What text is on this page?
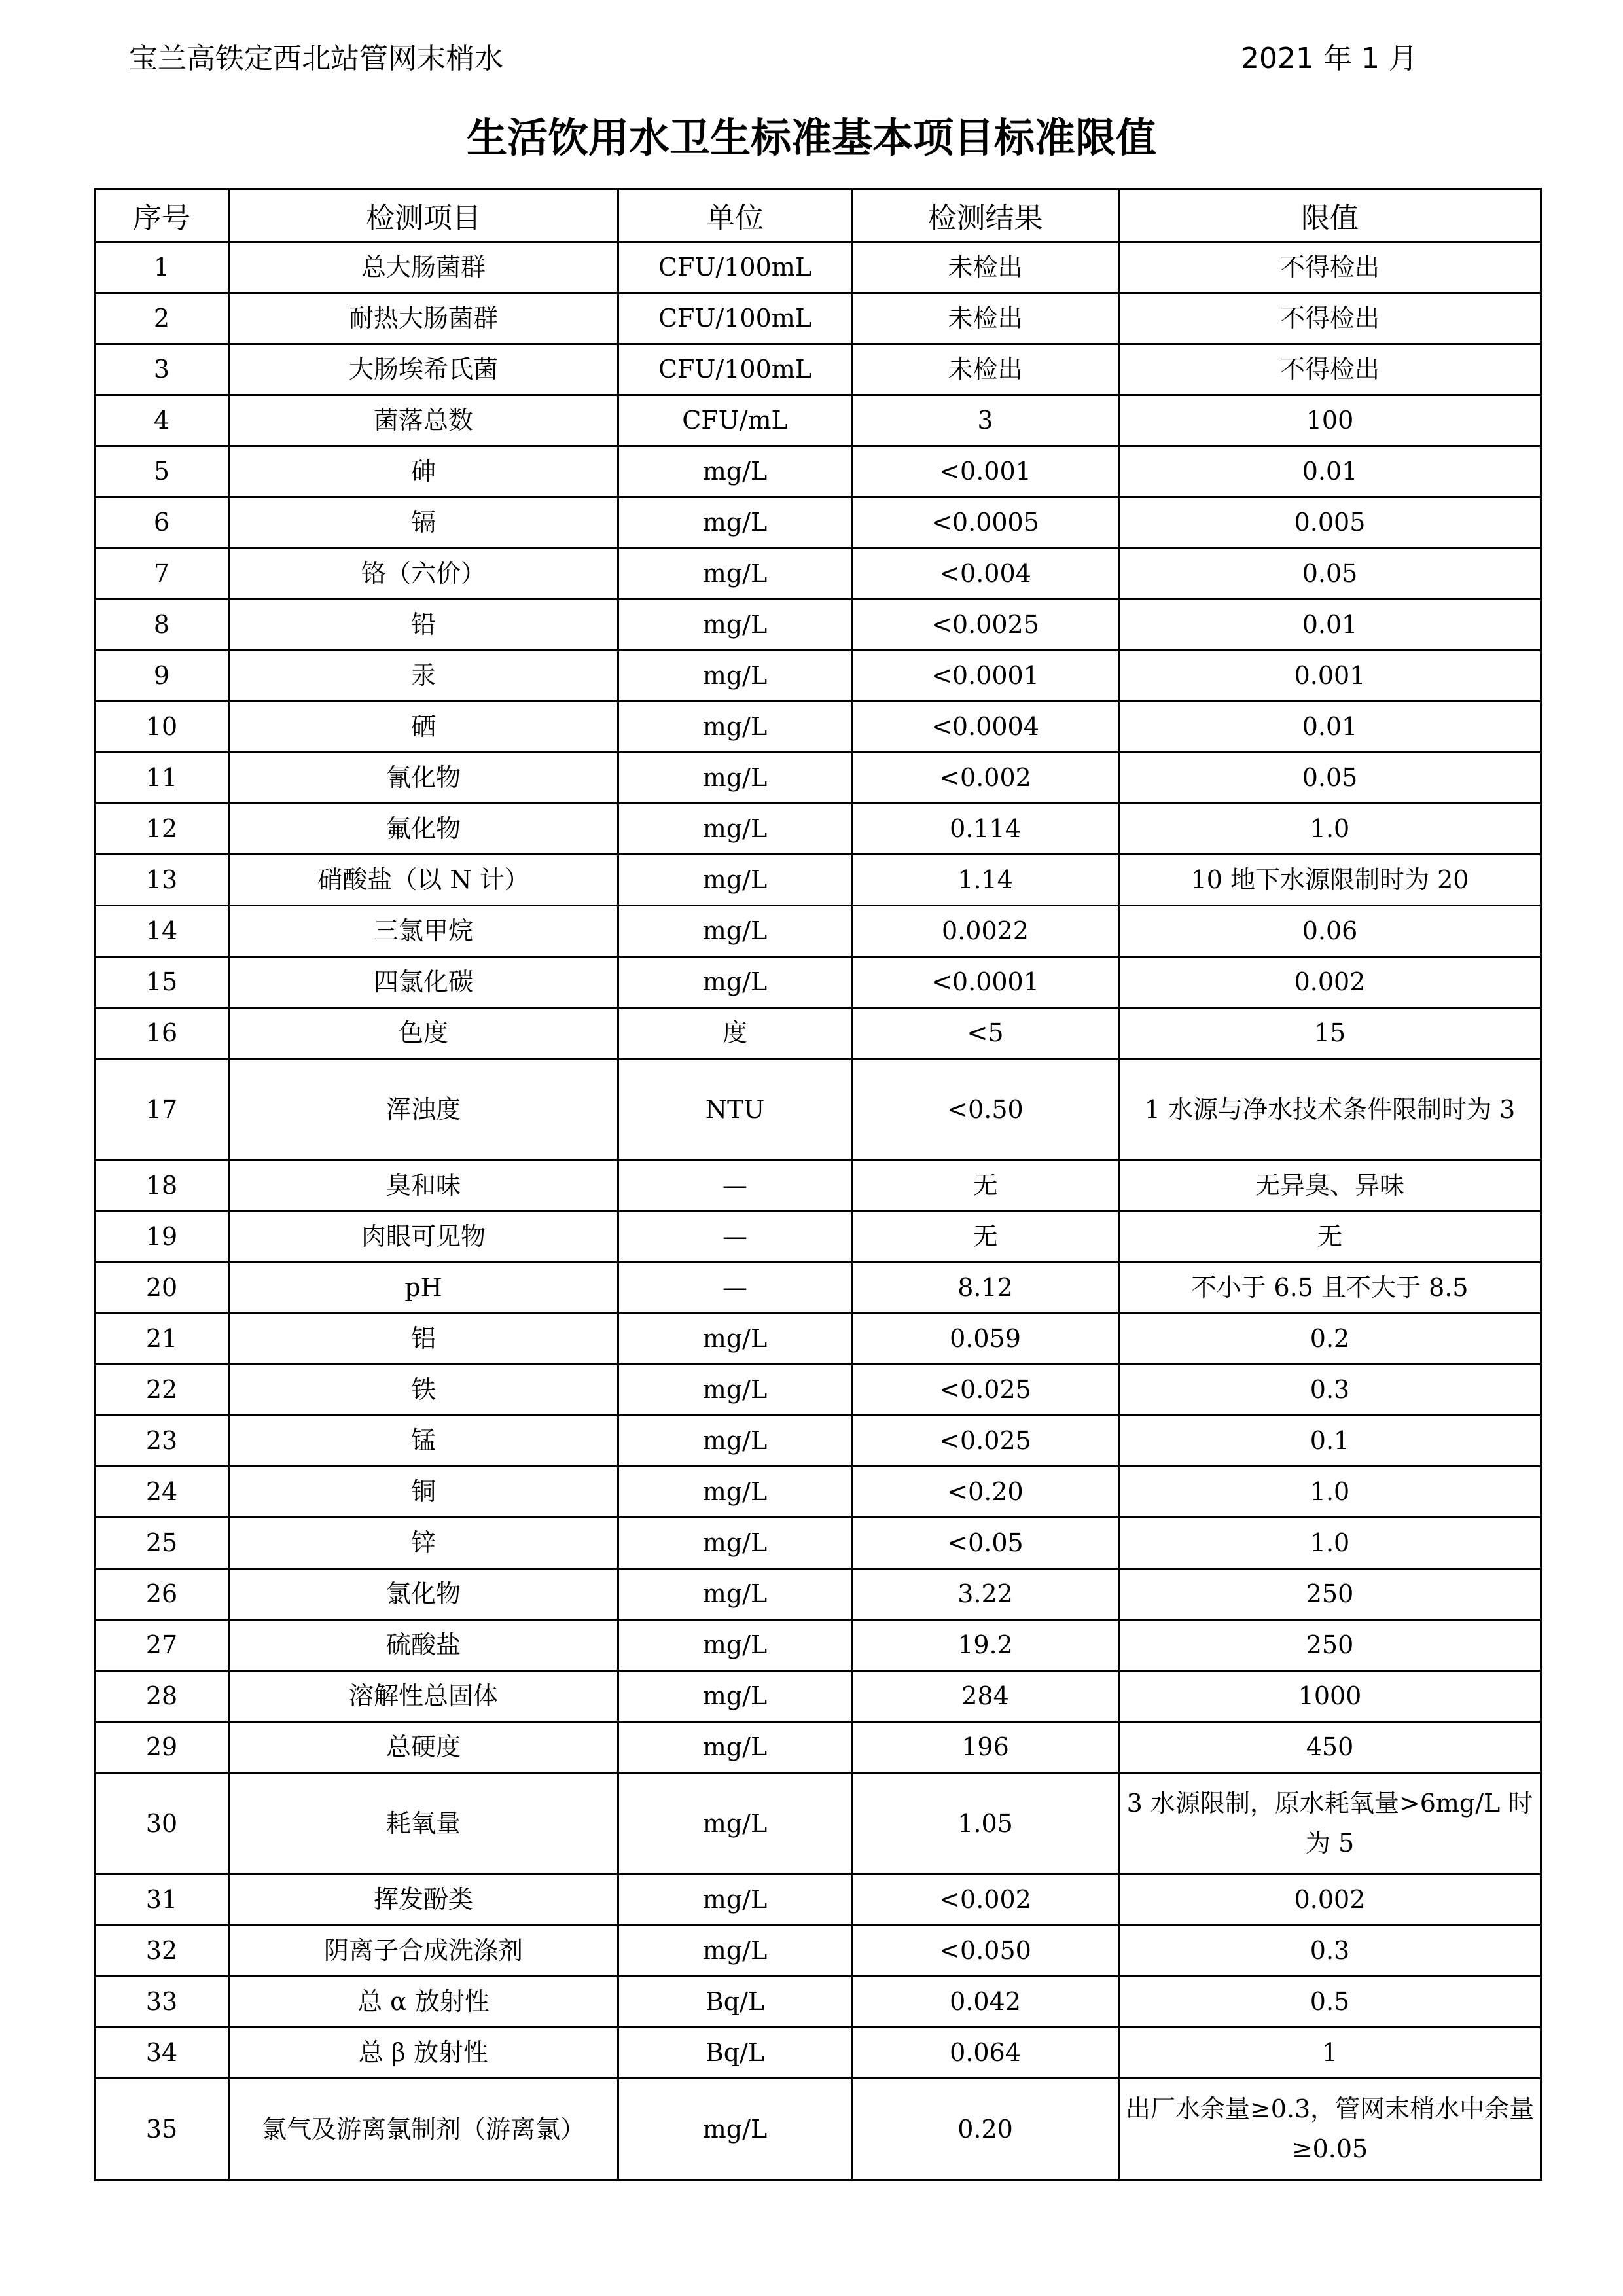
宝兰高铁定西北站管网末梢水	2021 年 1 月
生活饮用水卫生标准基本项目标准限值
序号	检测项目	单位	检测结果	限值
1	总大肠菌群	CFU/100mL	未检出	不得检出
2	耐热大肠菌群	CFU/100mL	未检出	不得检出
3	大肠埃希氏菌	CFU/100mL	未检出	不得检出
4	菌落总数	CFU/mL	3	100
5	砷	mg/L	<0.001	0.01
6	镉	mg/L	<0.0005	0.005
7	铬（六价）	mg/L	<0.004	0.05
8	铅	mg/L	<0.0025	0.01
9	汞	mg/L	<0.0001	0.001
10	硒	mg/L	<0.0004	0.01
11	氰化物	mg/L	<0.002	0.05
12	氟化物	mg/L	0.114	1.0
13	硝酸盐（以 N 计）	mg/L	1.14	10 地下水源限制时为 20
14	三氯甲烷	mg/L	0.0022	0.06
15	四氯化碳	mg/L	<0.0001	0.002
16	色度	度	<5	15
17	浑浊度	NTU	<0.50	1 水源与净水技术条件限制时为 3
18	臭和味	—	无	无异臭、异味
19	肉眼可见物	—	无	无
20	pH	—	8.12	不小于 6.5 且不大于 8.5
21	铝	mg/L	0.059	0.2
22	铁	mg/L	<0.025	0.3
23	锰	mg/L	<0.025	0.1
24	铜	mg/L	<0.20	1.0
25	锌	mg/L	<0.05	1.0
26	氯化物	mg/L	3.22	250
27	硫酸盐	mg/L	19.2	250
28	溶解性总固体	mg/L	284	1000
29	总硬度	mg/L	196	450
30	耗氧量	mg/L	1.05	3 水源限制，原水耗氧量>6mg/L 时为 5
31	挥发酚类	mg/L	<0.002	0.002
32	阴离子合成洗涤剂	mg/L	<0.050	0.3
33	总 α 放射性	Bq/L	0.042	0.5
34	总 β 放射性	Bq/L	0.064	1
35	氯气及游离氯制剂（游离氯）	mg/L	0.20	出厂水余量≥0.3，管网末梢水中余量≥0.05
